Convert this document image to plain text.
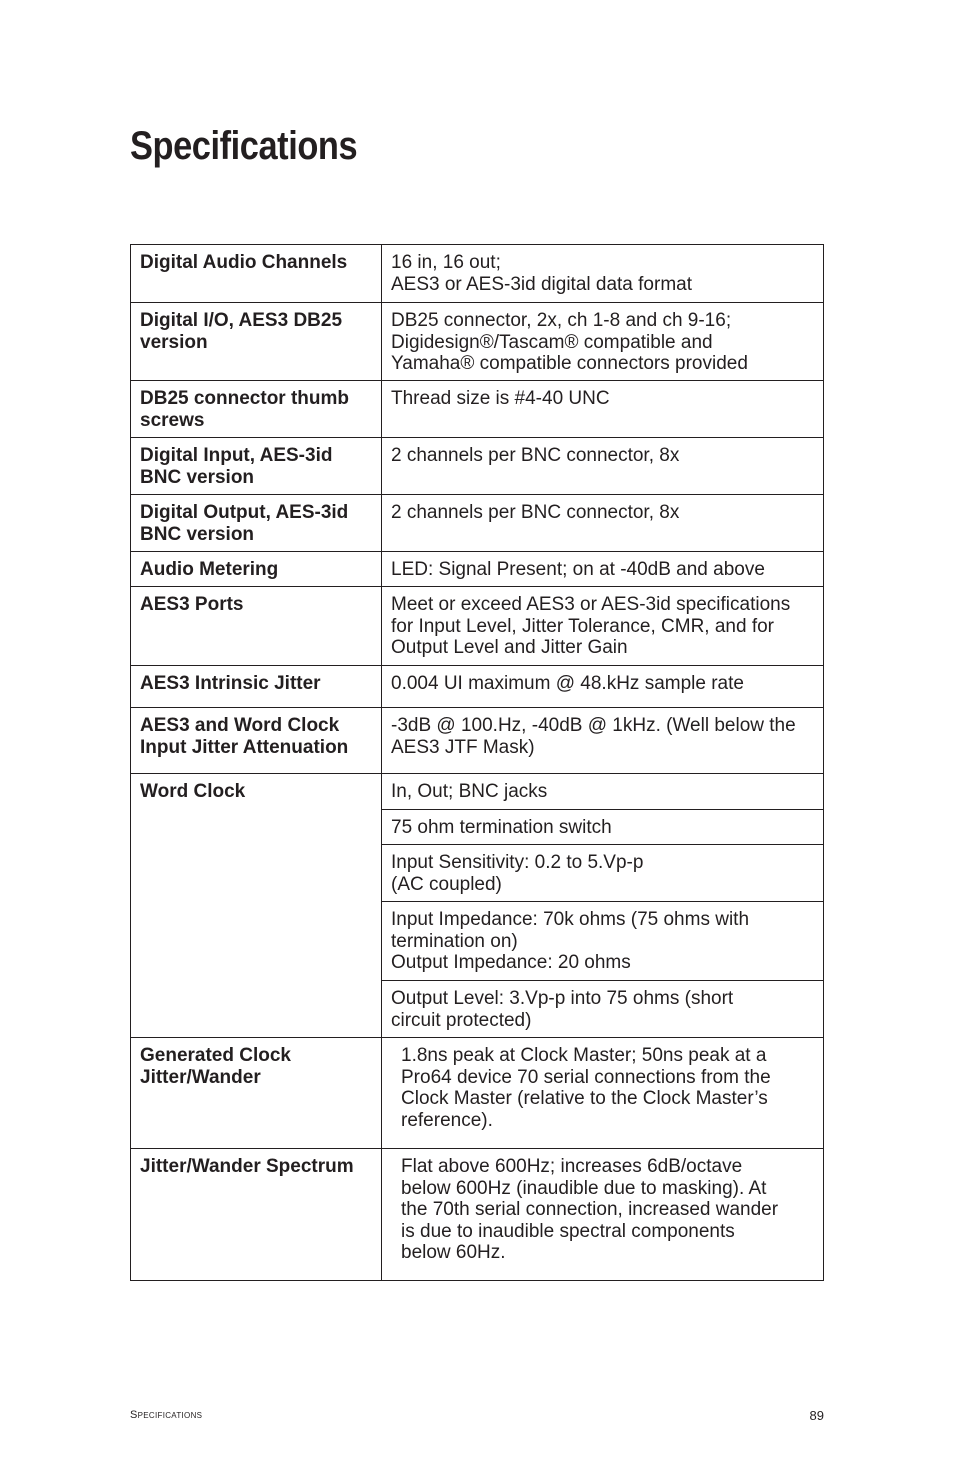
Specifications
Digital Audio Channels	16 in, 16 out;
AES3 or AES-3id digital data format

Digital I/O, AES3 DB25 version	DB25 connector, 2x, ch 1-8 and ch 9-16;
Digidesign®/Tascam® compatible and
Yamaha® compatible connectors provided

DB25 connector thumb screws	Thread size is #4-40 UNC

Digital Input, AES-3id BNC version	2 channels per BNC connector, 8x

Digital Output, AES-3id BNC version	2 channels per BNC connector, 8x

Audio Metering	LED: Signal Present; on at -40dB and above

AES3 Ports	Meet or exceed AES3 or AES-3id specifications
for Input Level, Jitter Tolerance, CMR, and for
Output Level and Jitter Gain

AES3 Intrinsic Jitter	0.004 UI maximum @ 48.kHz sample rate

AES3 and Word Clock Input Jitter Attenuation	-3dB @ 100.Hz, -40dB @ 1kHz. (Well below the
AES3 JTF Mask)

Word Clock	In, Out; BNC jacks

	75 ohm termination switch

	Input Sensitivity: 0.2 to 5.Vp-p
(AC coupled)

	Input Impedance: 70k ohms (75 ohms with
termination on)
Output Impedance: 20 ohms

	Output Level: 3.Vp-p into 75 ohms (short
circuit protected)

Generated Clock Jitter/Wander	1.8ns peak at Clock Master; 50ns peak at a
Pro64 device 70 serial connections from the
Clock Master (relative to the Clock Master’s
reference).

Jitter/Wander Spectrum	Flat above 600Hz; increases 6dB/octave
below 600Hz (inaudible due to masking). At
the 70th serial connection, increased wander
is due to inaudible spectral components
below 60Hz.
Specifications	89
